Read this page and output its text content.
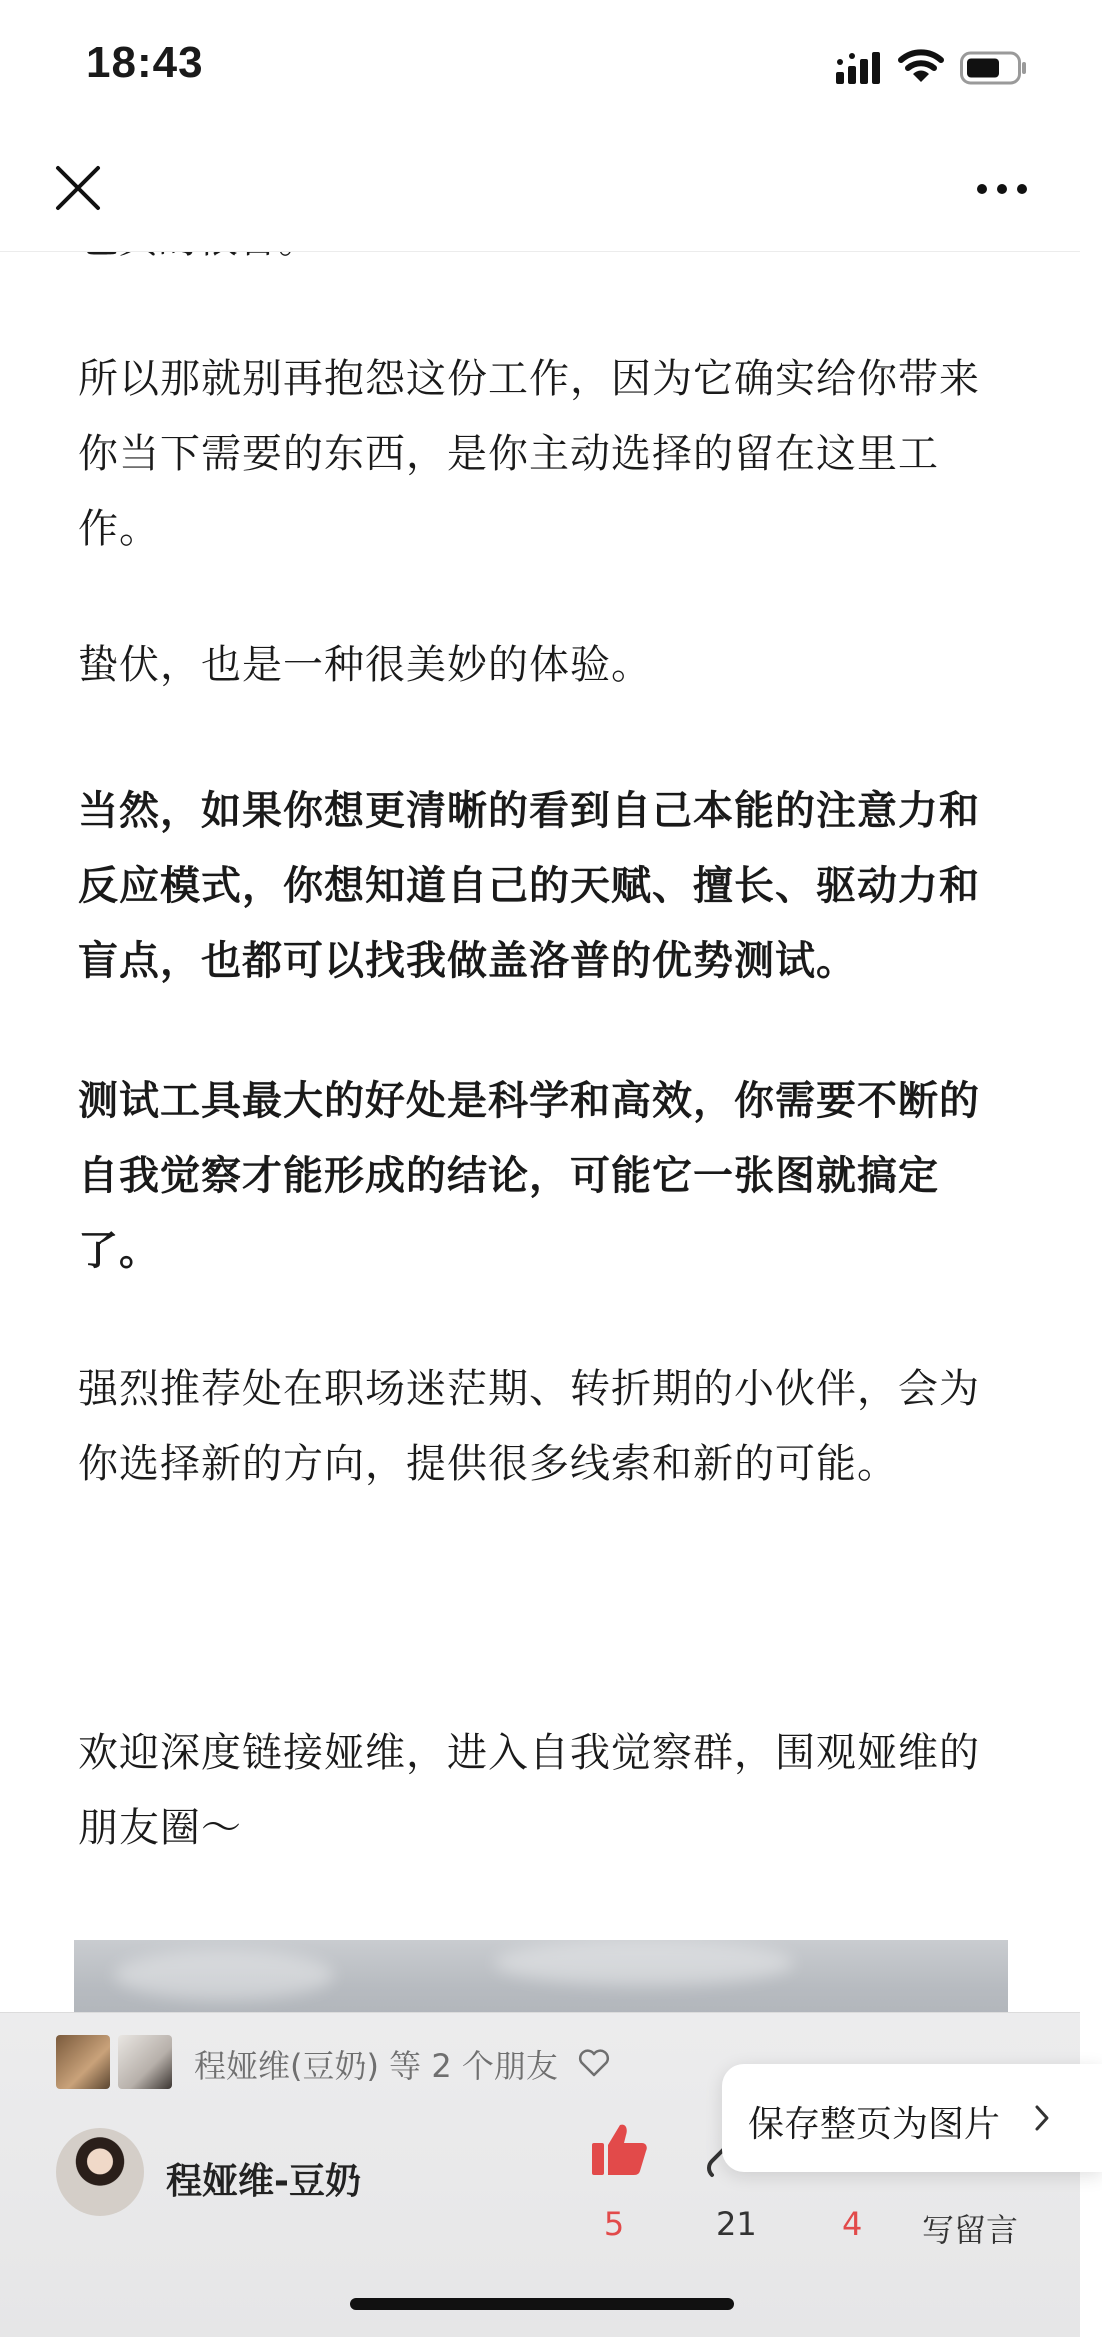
18:43

所以那就别再抱怨这份工作，因为它确实给你带来你当下需要的东西，是你主动选择的留在这里工作。

蛰伏，也是一种很美妙的体验。

当然，如果你想更清晰的看到自己本能的注意力和反应模式，你想知道自己的天赋、擅长、驱动力和盲点，也都可以找我做盖洛普的优势测试。

测试工具最大的好处是科学和高效，你需要不断的自我觉察才能形成的结论，可能它一张图就搞定了。

强烈推荐处在职场迷茫期、转折期的小伙伴，会为你选择新的方向，提供很多线索和新的可能。

欢迎深度链接娅维，进入自我觉察群，围观娅维的朋友圈～

程娅维(豆奶) 等 2 个朋友
程娅维-豆奶
5	21	4 写留言
保存整页为图片
